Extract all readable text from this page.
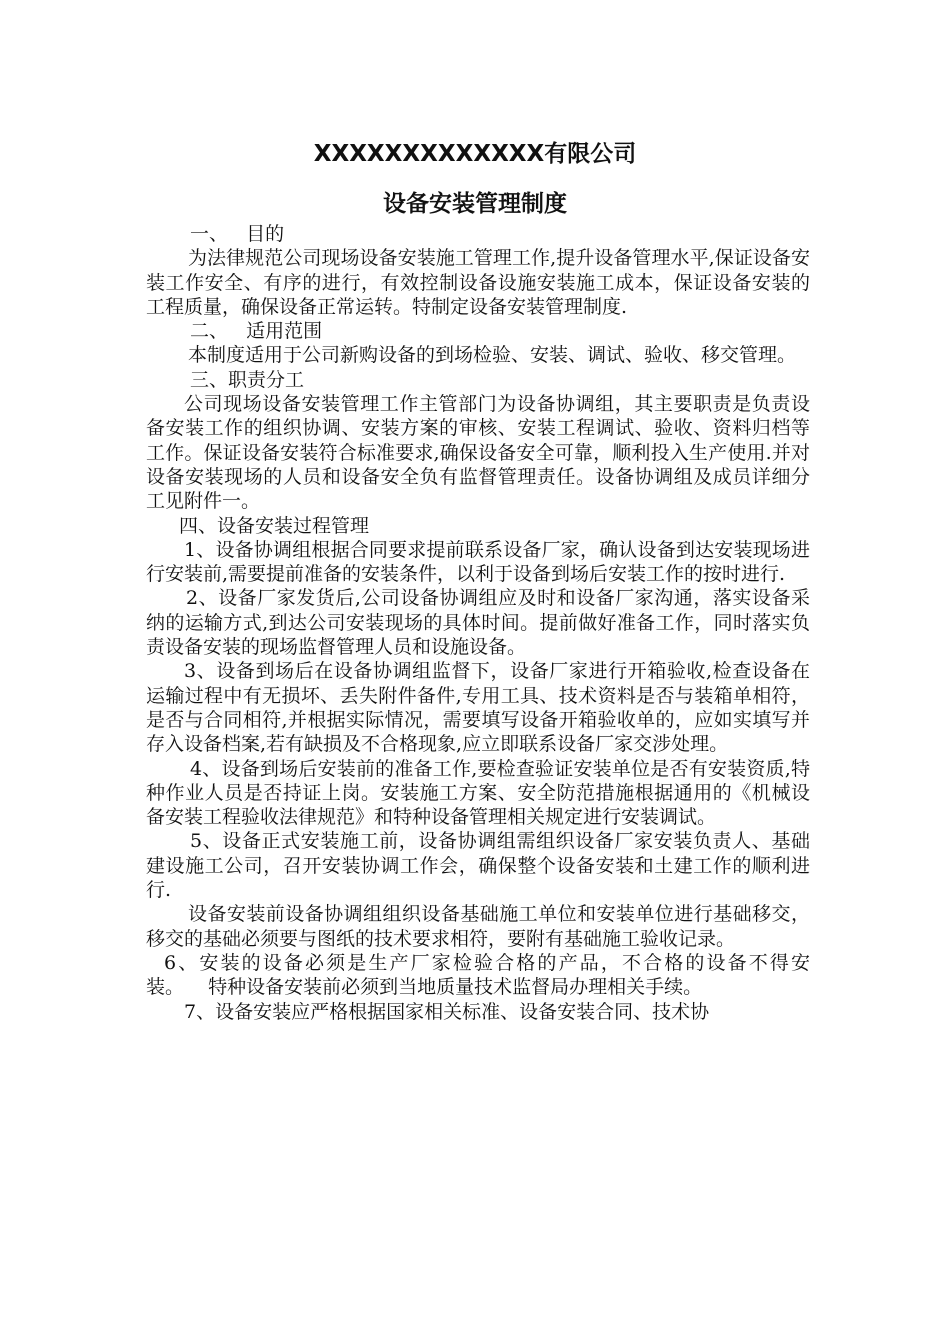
XXXXXXXXXXXXX有限公司
设备安装管理制度

一、   目的

为法律规范公司现场设备安装施工管理工作,提升设备管理水平,保证设备安装工作安全、有序的进行，有效控制设备设施安装施工成本，保证设备安装的工程质量，确保设备正常运转。特制定设备安装管理制度.

二、   适用范围

本制度适用于公司新购设备的到场检验、安装、调试、验收、移交管理。

三、职责分工

公司现场设备安装管理工作主管部门为设备协调组，其主要职责是负责设备安装工作的组织协调、安装方案的审核、安装工程调试、验收、资料归档等工作。保证设备安装符合标准要求,确保设备安全可靠，顺利投入生产使用.并对设备安装现场的人员和设备安全负有监督管理责任。设备协调组及成员详细分工见附件一。

四、设备安装过程管理

1、设备协调组根据合同要求提前联系设备厂家，确认设备到达安装现场进行安装前,需要提前准备的安装条件，以利于设备到场后安装工作的按时进行.

2、设备厂家发货后,公司设备协调组应及时和设备厂家沟通，落实设备采纳的运输方式,到达公司安装现场的具体时间。提前做好准备工作，同时落实负责设备安装的现场监督管理人员和设施设备。

3、设备到场后在设备协调组监督下，设备厂家进行开箱验收,检查设备在运输过程中有无损坏、丢失附件备件,专用工具、技术资料是否与装箱单相符，是否与合同相符,并根据实际情况，需要填写设备开箱验收单的，应如实填写并存入设备档案,若有缺损及不合格现象,应立即联系设备厂家交涉处理。

4、设备到场后安装前的准备工作,要检查验证安装单位是否有安装资质,特种作业人员是否持证上岗。安装施工方案、安全防范措施根据通用的《机械设备安装工程验收法律规范》和特种设备管理相关规定进行安装调试。

5、设备正式安装施工前，设备协调组需组织设备厂家安装负责人、基础建设施工公司，召开安装协调工作会，确保整个设备安装和土建工作的顺利进行.

设备安装前设备协调组组织设备基础施工单位和安装单位进行基础移交，移交的基础必须要与图纸的技术要求相符，要附有基础施工验收记录。

6、安装的设备必须是生产厂家检验合格的产品，不合格的设备不得安装。    特种设备安装前必须到当地质量技术监督局办理相关手续。

7、设备安装应严格根据国家相关标准、设备安装合同、技术协
